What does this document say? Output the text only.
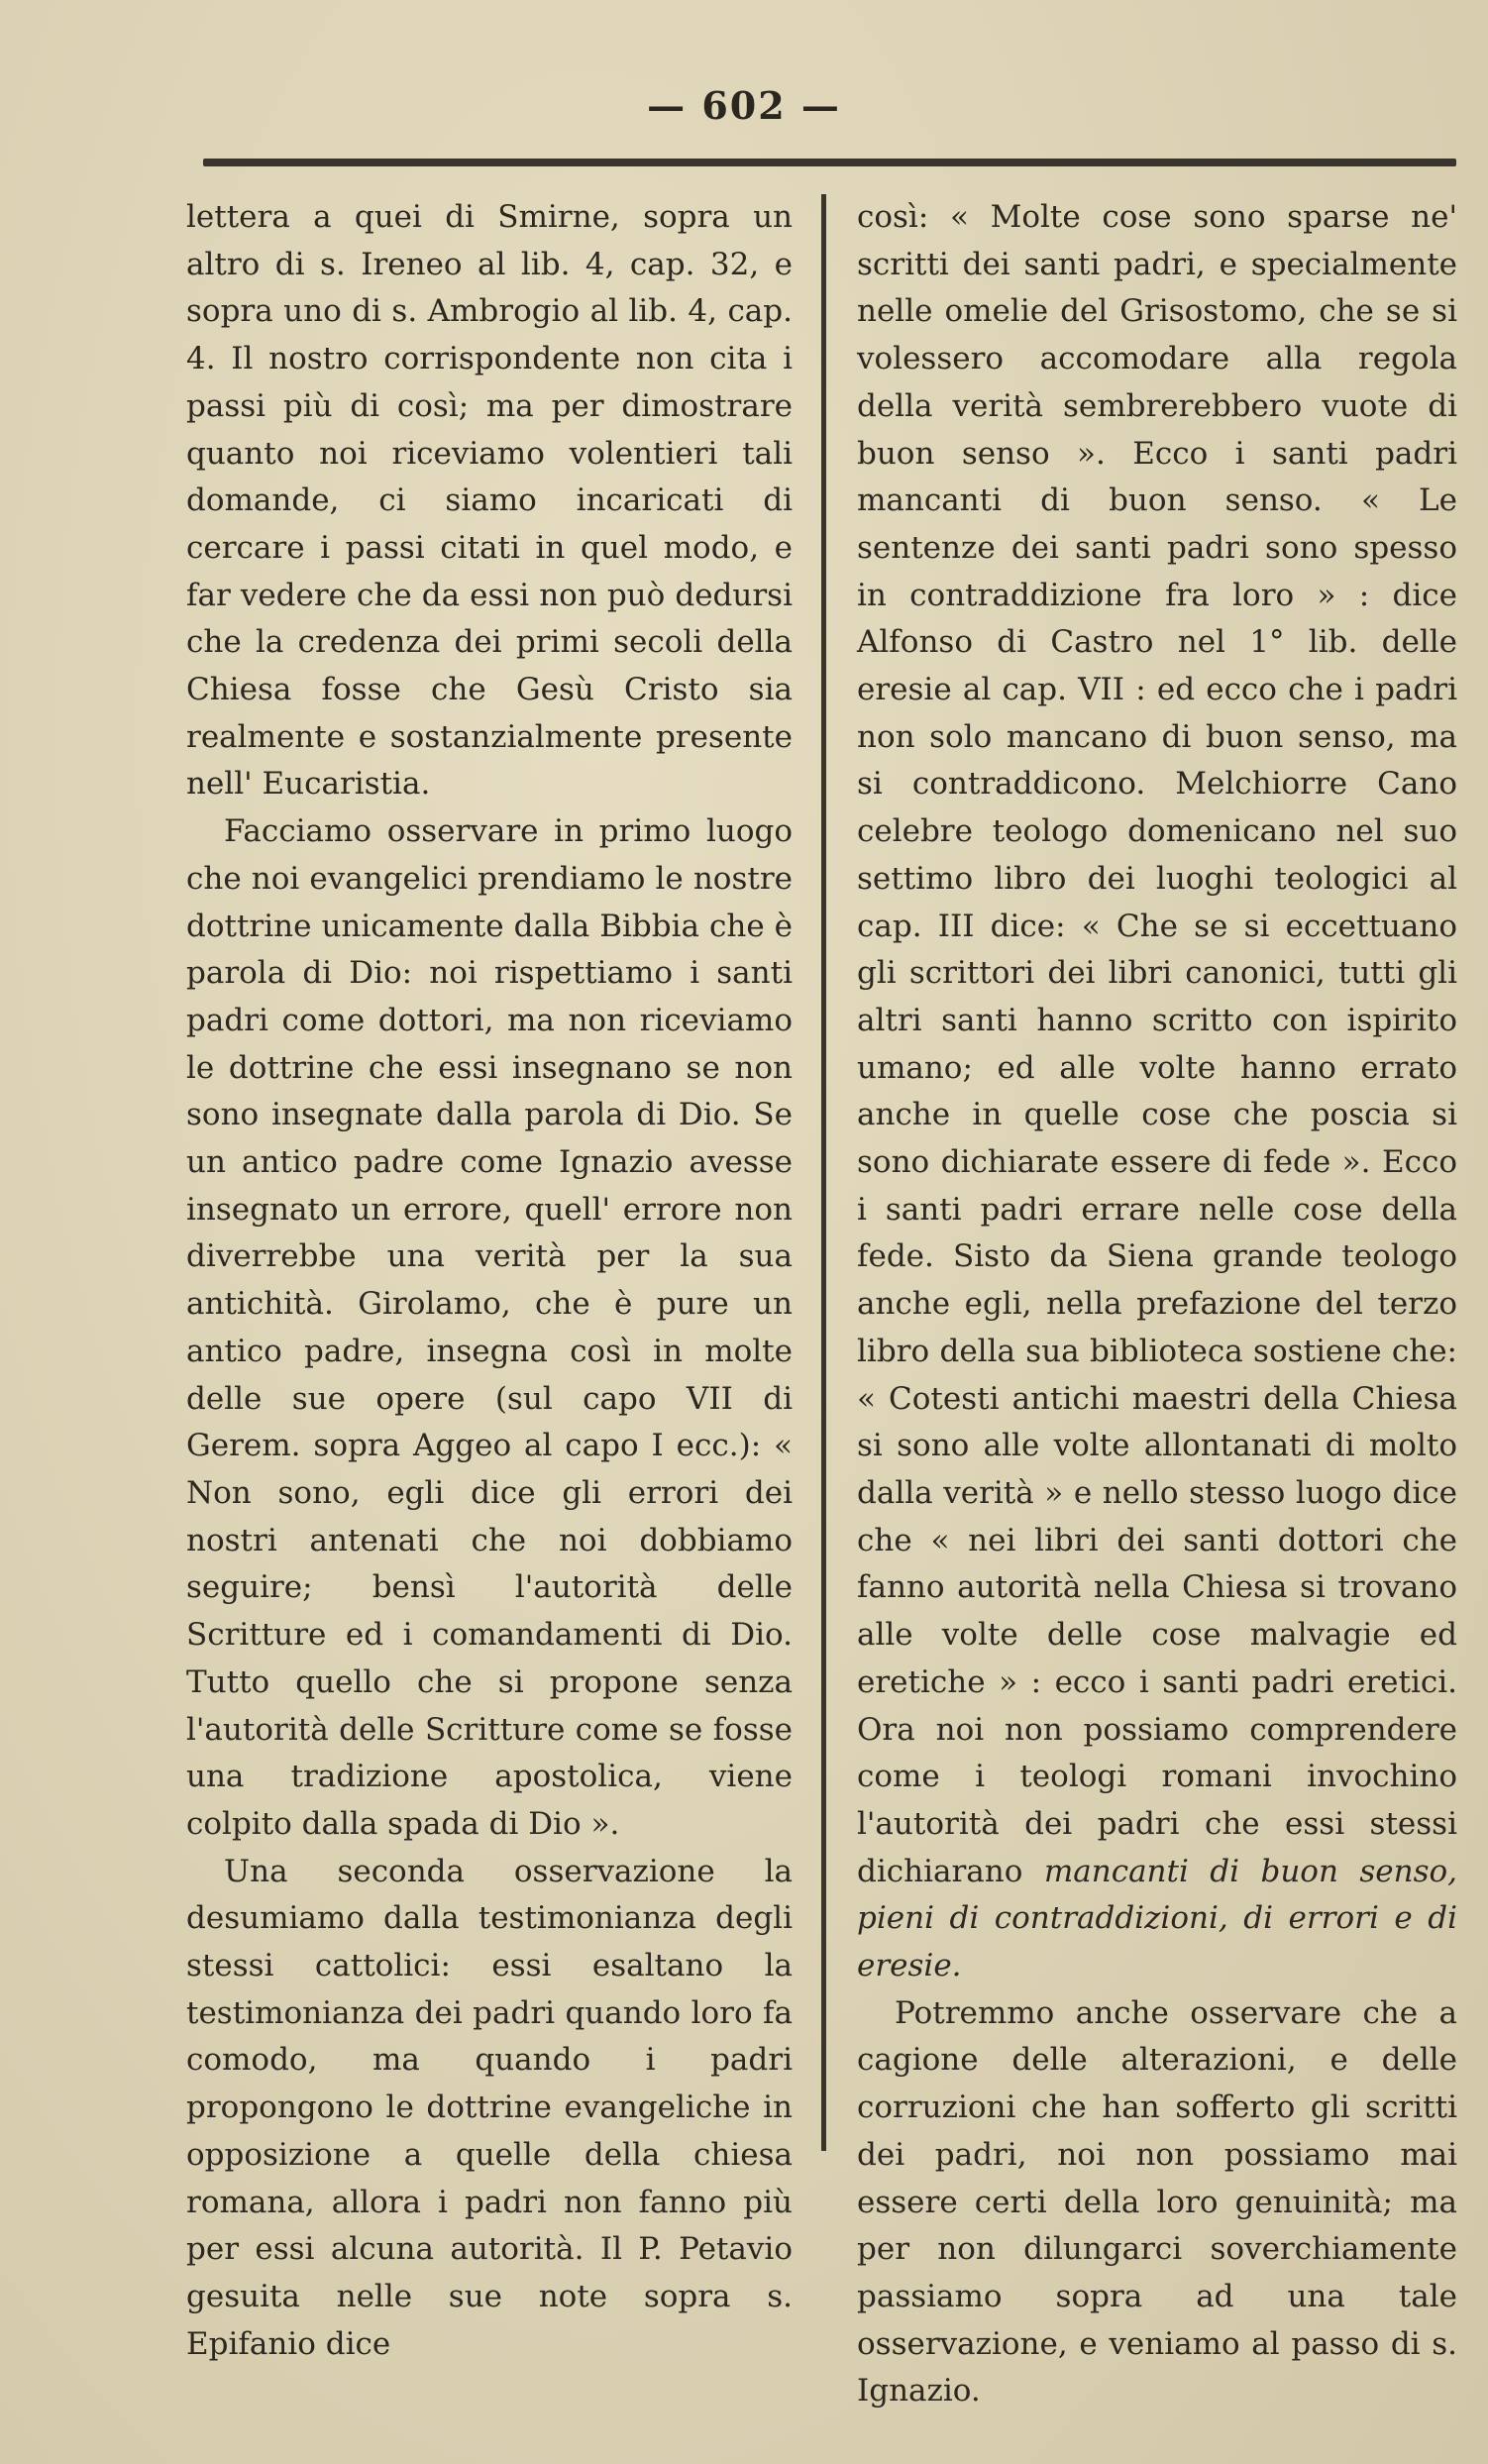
— 602 —

lettera a quei di Smirne, sopra un altro di s. Ireneo al lib. 4, cap. 32, e sopra uno di s. Ambrogio al lib. 4, cap. 4. Il nostro corrispondente non cita i passi più di così; ma per dimostrare quanto noi riceviamo volentieri tali domande, ci siamo incaricati di cercare i passi citati in quel modo, e far vedere che da essi non può dedursi che la credenza dei primi secoli della Chiesa fosse che Gesù Cristo sia realmente e sostanzialmente presente nell' Eucaristia.

Facciamo osservare in primo luogo che noi evangelici prendiamo le nostre dottrine unicamente dalla Bibbia che è parola di Dio: noi rispettiamo i santi padri come dottori, ma non riceviamo le dottrine che essi insegnano se non sono insegnate dalla parola di Dio. Se un antico padre come Ignazio avesse insegnato un errore, quell' errore non diverrebbe una verità per la sua antichità. Girolamo, che è pure un antico padre, insegna così in molte delle sue opere (sul capo VII di Gerem. sopra Aggeo al capo I ecc.): « Non sono, egli dice gli errori dei nostri antenati che noi dobbiamo seguire; bensì l'autorità delle Scritture ed i comandamenti di Dio. Tutto quello che si propone senza l'autorità delle Scritture come se fosse una tradizione apostolica, viene colpito dalla spada di Dio ».

Una seconda osservazione la desumiamo dalla testimonianza degli stessi cattolici: essi esaltano la testimonianza dei padri quando loro fa comodo, ma quando i padri propongono le dottrine evangeliche in opposizione a quelle della chiesa romana, allora i padri non fanno più per essi alcuna autorità. Il P. Petavio gesuita nelle sue note sopra s. Epifanio dice

così: « Molte cose sono sparse ne' scritti dei santi padri, e specialmente nelle omelie del Grisostomo, che se si volessero accomodare alla regola della verità sembrerebbero vuote di buon senso ». Ecco i santi padri mancanti di buon senso. « Le sentenze dei santi padri sono spesso in contraddizione fra loro » : dice Alfonso di Castro nel 1° lib. delle eresie al cap. VII : ed ecco che i padri non solo mancano di buon senso, ma si contraddicono. Melchiorre Cano celebre teologo domenicano nel suo settimo libro dei luoghi teologici al cap. III dice: « Che se si eccettuano gli scrittori dei libri canonici, tutti gli altri santi hanno scritto con ispirito umano; ed alle volte hanno errato anche in quelle cose che poscia si sono dichiarate essere di fede ». Ecco i santi padri errare nelle cose della fede. Sisto da Siena grande teologo anche egli, nella prefazione del terzo libro della sua biblioteca sostiene che: « Cotesti antichi maestri della Chiesa si sono alle volte allontanati di molto dalla verità » e nello stesso luogo dice che « nei libri dei santi dottori che fanno autorità nella Chiesa si trovano alle volte delle cose malvagie ed eretiche » : ecco i santi padri eretici. Ora noi non possiamo comprendere come i teologi romani invochino l'autorità dei padri che essi stessi dichiarano mancanti di buon senso, pieni di contraddizioni, di errori e di eresie.

Potremmo anche osservare che a cagione delle alterazioni, e delle corruzioni che han sofferto gli scritti dei padri, noi non possiamo mai essere certi della loro genuinità; ma per non dilungarci soverchiamente passiamo sopra ad una tale osservazione, e veniamo al passo di s. Ignazio.
